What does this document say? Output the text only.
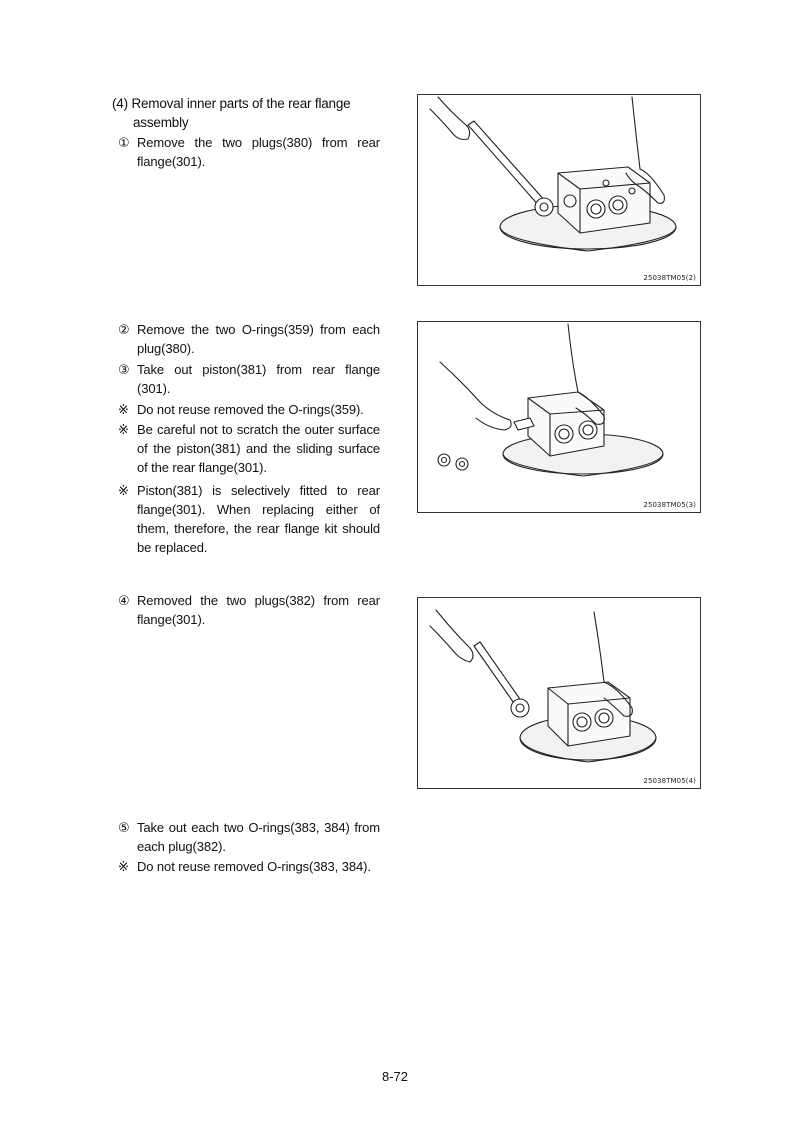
(4) Removal inner parts of the rear flange
assembly
① Remove the two plugs(380) from rear flange(301).
② Remove the two O-rings(359) from each plug(380).
③ Take out piston(381) from rear flange (301).
※ Do not reuse removed the O-rings(359).
※ Be careful not to scratch the outer surface of the piston(381) and the sliding surface of the rear flange(301).
※ Piston(381) is selectively fitted to rear flange(301). When replacing either of them, therefore, the rear flange kit should be replaced.
④ Removed the two plugs(382) from rear flange(301).
⑤ Take out each two O-rings(383, 384) from each plug(382).
※ Do not reuse removed O-rings(383, 384).
25038TM05(2)
25038TM05(3)
25038TM05(4)
8-72
